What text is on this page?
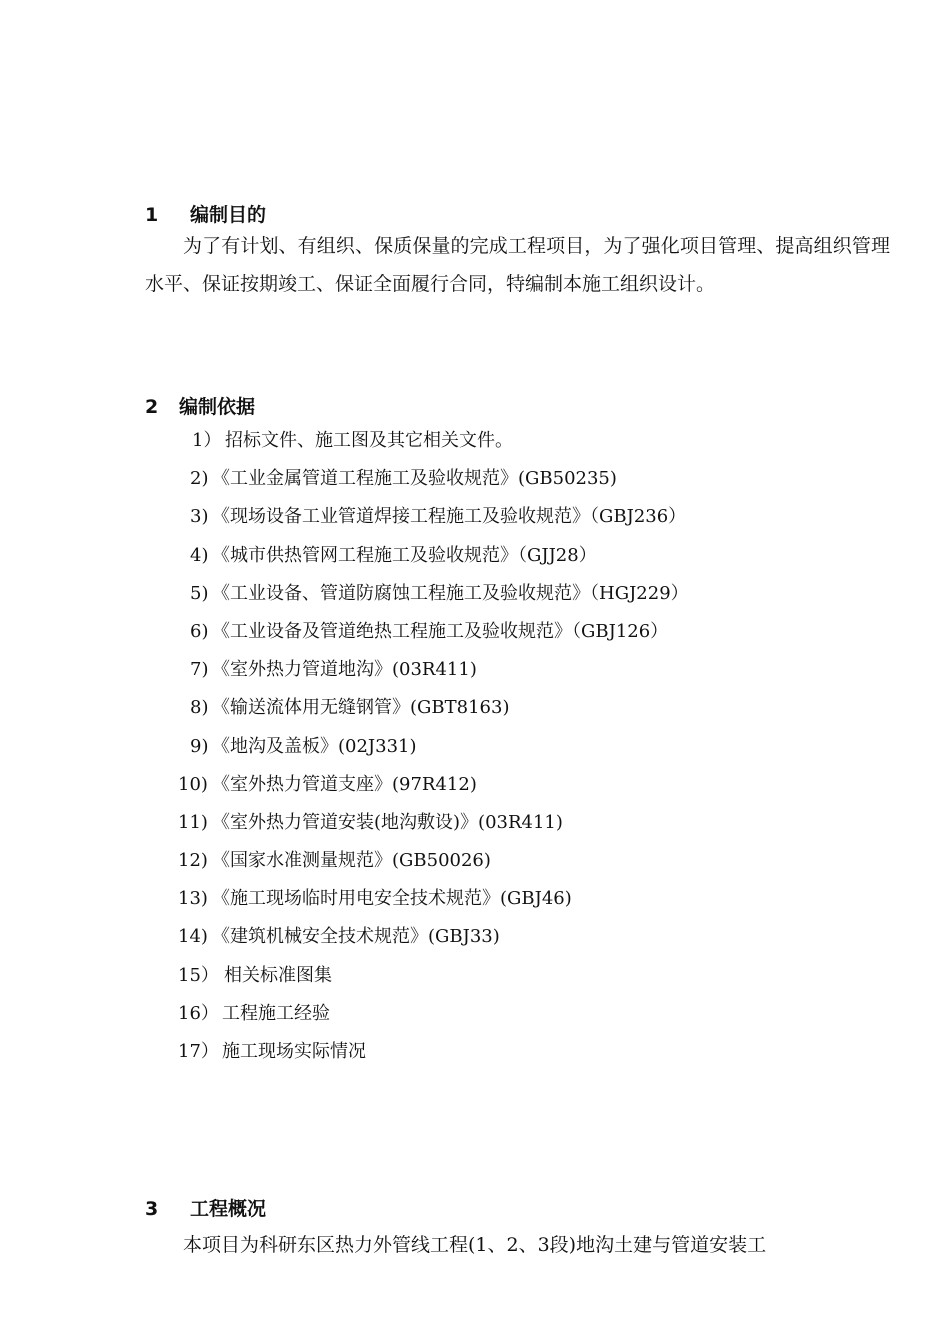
1 编制目的

为了有计划、有组织、保质保量的完成工程项目，为了强化项目管理、提高组织管理水平、保证按期竣工、保证全面履行合同，特编制本施工组织设计。

2 编制依据
1） 招标文件、施工图及其它相关文件。
2) 《工业金属管道工程施工及验收规范》(GB50235)
3) 《现场设备工业管道焊接工程施工及验收规范》（GBJ236）
4) 《城市供热管网工程施工及验收规范》（GJJ28）
5) 《工业设备、管道防腐蚀工程施工及验收规范》（HGJ229）
6) 《工业设备及管道绝热工程施工及验收规范》（GBJ126）
7) 《室外热力管道地沟》(03R411)
8) 《输送流体用无缝钢管》(GBT8163)
9) 《地沟及盖板》(02J331)
10) 《室外热力管道支座》(97R412)
11) 《室外热力管道安装(地沟敷设)》(03R411)
12) 《国家水准测量规范》(GB50026)
13) 《施工现场临时用电安全技术规范》(GBJ46)
14) 《建筑机械安全技术规范》(GBJ33)
15） 相关标准图集
16） 工程施工经验
17） 施工现场实际情况
3 工程概况

本项目为科研东区热力外管线工程(1、2、3段)地沟土建与管道安装工
